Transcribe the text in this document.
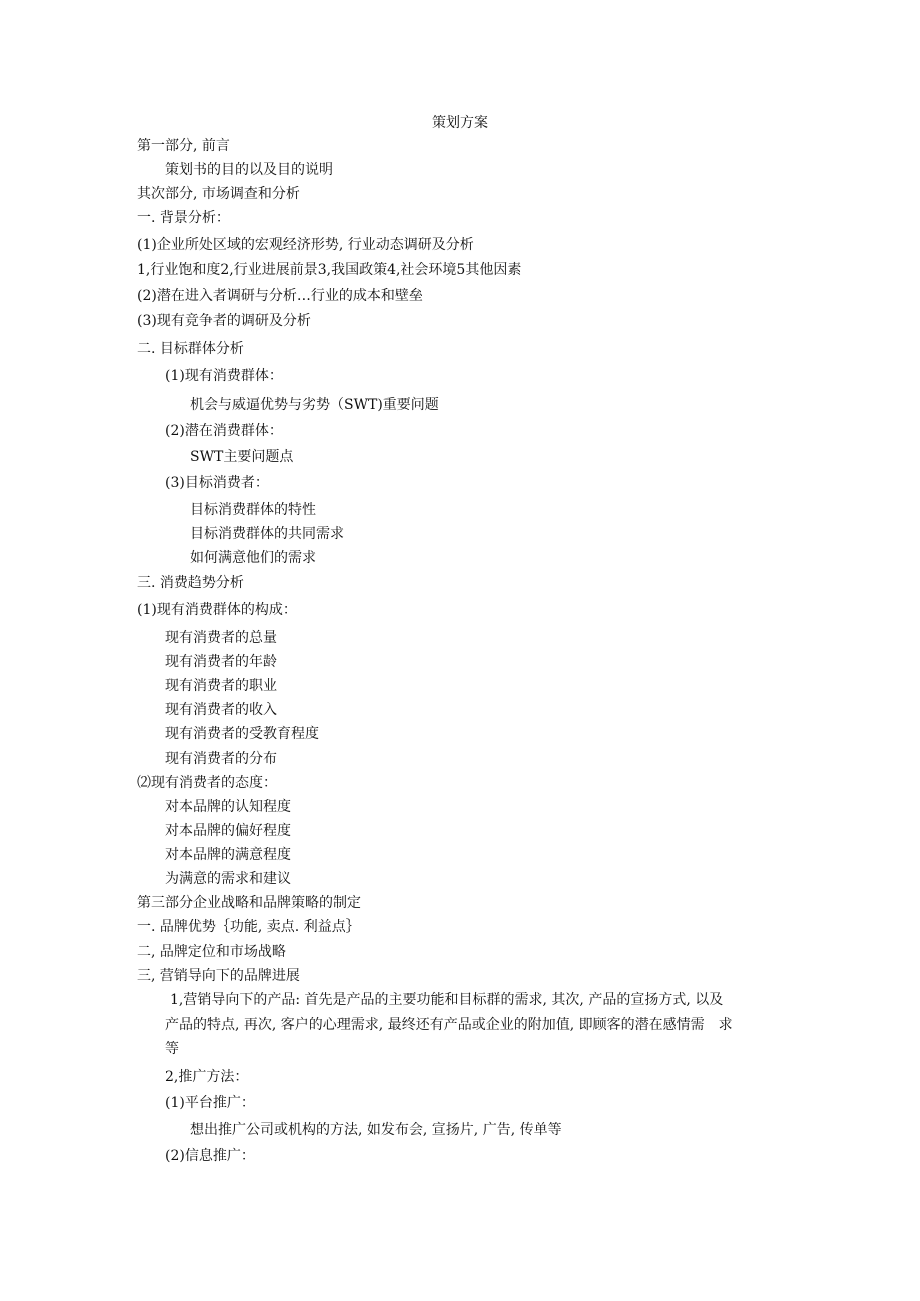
策划方案
第一部分, 前言
策划书的目的以及目的说明
其次部分, 市场调查和分析
一. 背景分析：
(1)企业所处区域的宏观经济形势, 行业动态调研及分析
1,行业饱和度2,行业进展前景3,我国政策4,社会环境5其他因素
(2)潜在进入者调研与分析…行业的成本和壁垒
(3)现有竞争者的调研及分析
二. 目标群体分析
(1)现有消费群体：
机会与威逼优势与劣势（SWT)重要问题
(2)潜在消费群体：
SWT主要问题点
(3)目标消费者：
目标消费群体的特性
目标消费群体的共同需求
如何满意他们的需求
三. 消费趋势分析
(1)现有消费群体的构成：
现有消费者的总量
现有消费者的年龄
现有消费者的职业
现有消费者的收入
现有消费者的受教育程度
现有消费者的分布
⑵现有消费者的态度：
对本品牌的认知程度
对本品牌的偏好程度
对本品牌的满意程度
为满意的需求和建议
第三部分企业战略和品牌策略的制定
一. 品牌优势｛功能, 卖点. 利益点｝
二, 品牌定位和市场战略
三, 营销导向下的品牌进展
1,营销导向下的产品: 首先是产品的主要功能和目标群的需求, 其次, 产品的宣扬方式, 以及
产品的特点, 再次, 客户的心理需求, 最终还有产品或企业的附加值, 即顾客的潜在感情需　求
等
2,推广方法：
(1)平台推广：
想出推广公司或机构的方法, 如发布会, 宣扬片, 广告, 传单等
(2)信息推广：
